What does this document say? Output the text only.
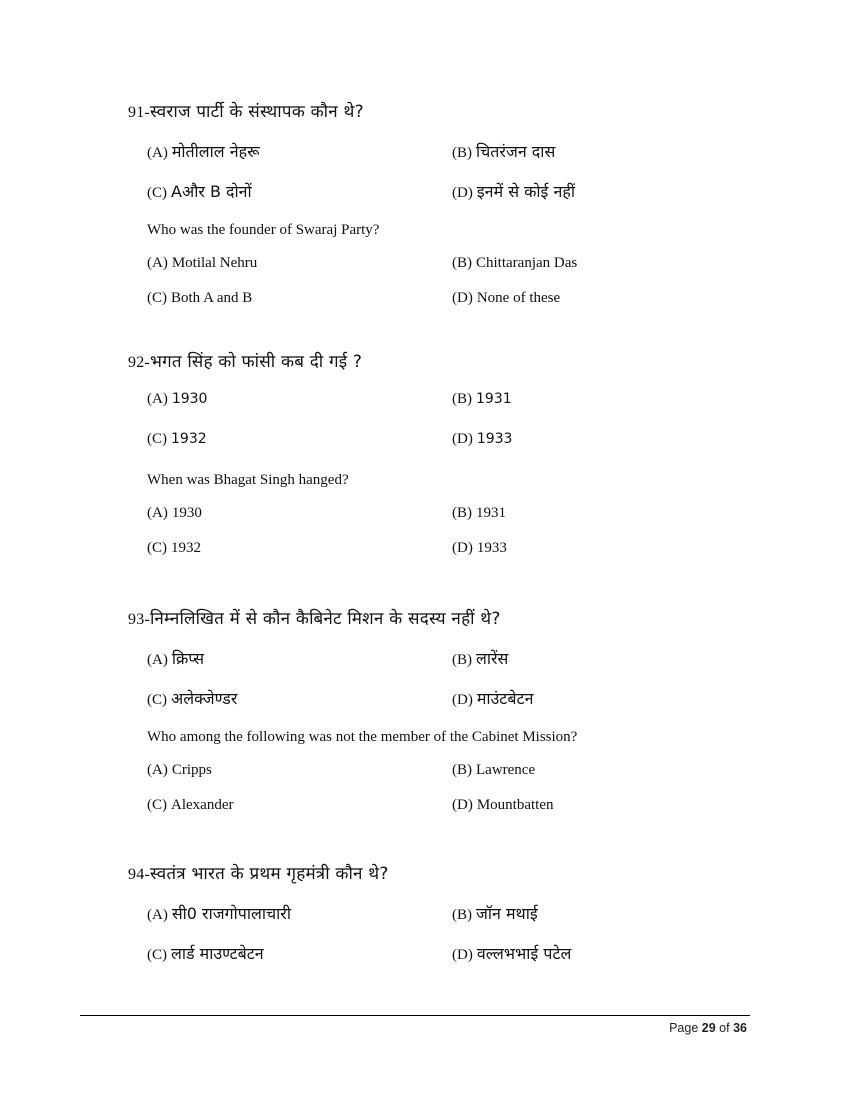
91-स्वराज पार्टी के संस्थापक कौन थे?
(A) मोतीलाल नेहरू	(B) चितरंजन दास
(C) Aऔर B दोनों	(D) इनमें से कोई नहीं
Who was the founder of Swaraj Party?
(A) Motilal Nehru	(B) Chittaranjan Das
(C) Both A and B	(D) None of these
92-भगत सिंह को फांसी कब दी गई ?
(A) 1930	(B) 1931
(C) 1932	(D) 1933
When was Bhagat Singh hanged?
(A) 1930	(B) 1931
(C) 1932	(D) 1933
93-निम्नलिखित में से कौन कैबिनेट मिशन के सदस्य नहीं थे?
(A) क्रिप्स	(B) लारेंस
(C) अलेक्जेण्डर	(D) माउंटबेटन
Who among the following was not the member of the Cabinet Mission?
(A) Cripps	(B) Lawrence
(C) Alexander	(D) Mountbatten
94-स्वतंत्र भारत के प्रथम गृहमंत्री कौन थे?
(A) सी0 राजगोपालाचारी	(B) जॉन मथाई
(C) लार्ड माउण्टबेटन	(D) वल्लभभाई पटेल
Page 29 of 36
